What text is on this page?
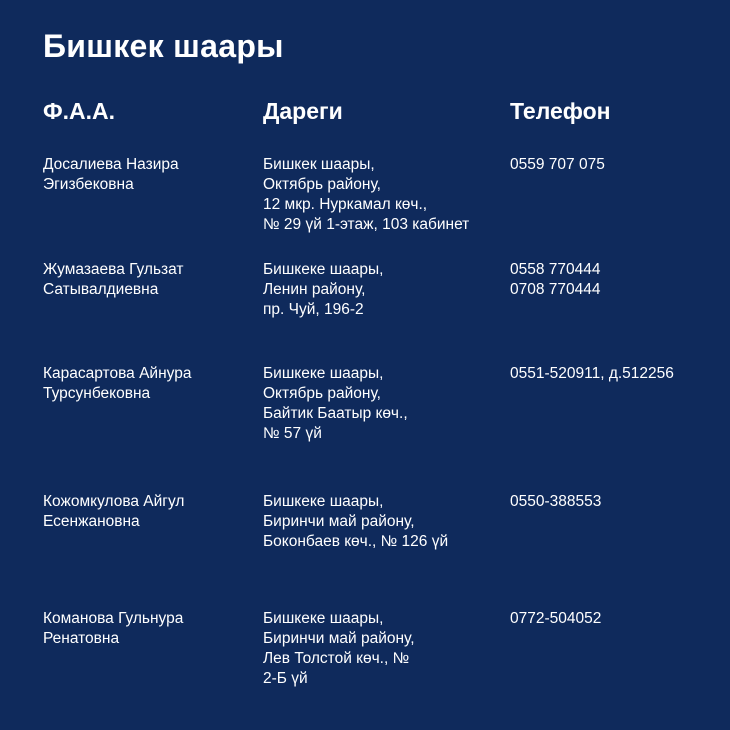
Бишкек шаары
Ф.А.А.	Дареги	Телефон
Досалиева Назира
Эгизбековна
Бишкек шаары,
Октябрь району,
12 мкр. Нуркамал көч.,
№ 29 үй 1-этаж, 103 кабинет
0559 707 075
Жумазаева Гульзат
Сатывалдиевна
Бишкеке шаары,
Ленин району,
пр. Чуй, 196-2
0558 770444
0708 770444
Карасартова Айнура
Турсунбековна
Бишкеке шаары,
Октябрь району,
Байтик Баатыр көч.,
№ 57 үй
0551-520911, д.512256
Кожомкулова Айгул
Есенжановна
Бишкеке шаары,
Биринчи май району,
Боконбаев көч., № 126 үй
0550-388553
Команова Гульнура
Ренатовна
Бишкеке шаары,
Биринчи май району,
Лев Толстой көч., №
2-Б үй
0772-504052
